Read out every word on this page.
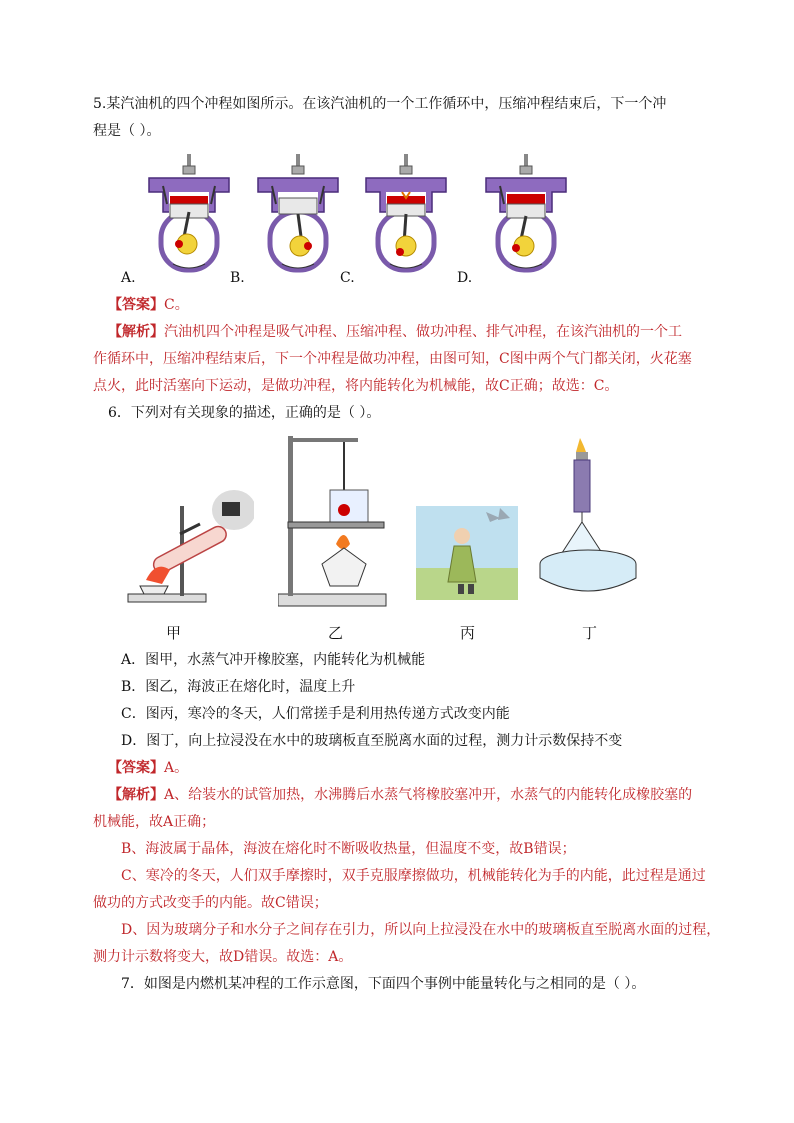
5.某汽油机的四个冲程如图所示。在该汽油机的一个工作循环中，压缩冲程结束后，下一个冲
程是（ ）。
A.	B.	C.	D.
【答案】C。
【解析】汽油机四个冲程是吸气冲程、压缩冲程、做功冲程、排气冲程，在该汽油机的一个工
作循环中，压缩冲程结束后，下一个冲程是做功冲程，由图可知，C图中两个气门都关闭，火花塞
点火，此时活塞向下运动，是做功冲程，将内能转化为机械能，故C正确；故选：C。
6．下列对有关现象的描述，正确的是（ ）。
甲	乙	丙	丁
A．图甲，水蒸气冲开橡胶塞，内能转化为机械能
B．图乙，海波正在熔化时，温度上升
C．图丙，寒冷的冬天，人们常搓手是利用热传递方式改变内能
D．图丁，向上拉浸没在水中的玻璃板直至脱离水面的过程，测力计示数保持不变
【答案】A。
【解析】A、给装水的试管加热，水沸腾后水蒸气将橡胶塞冲开，水蒸气的内能转化成橡胶塞的
机械能，故A正确；
B、海波属于晶体，海波在熔化时不断吸收热量，但温度不变，故B错误；
C、寒冷的冬天，人们双手摩擦时，双手克服摩擦做功，机械能转化为手的内能，此过程是通过
做功的方式改变手的内能。故C错误；
D、因为玻璃分子和水分子之间存在引力，所以向上拉浸没在水中的玻璃板直至脱离水面的过程，
测力计示数将变大，故D错误。故选：A。
7．如图是内燃机某冲程的工作示意图，下面四个事例中能量转化与之相同的是（ ）。
